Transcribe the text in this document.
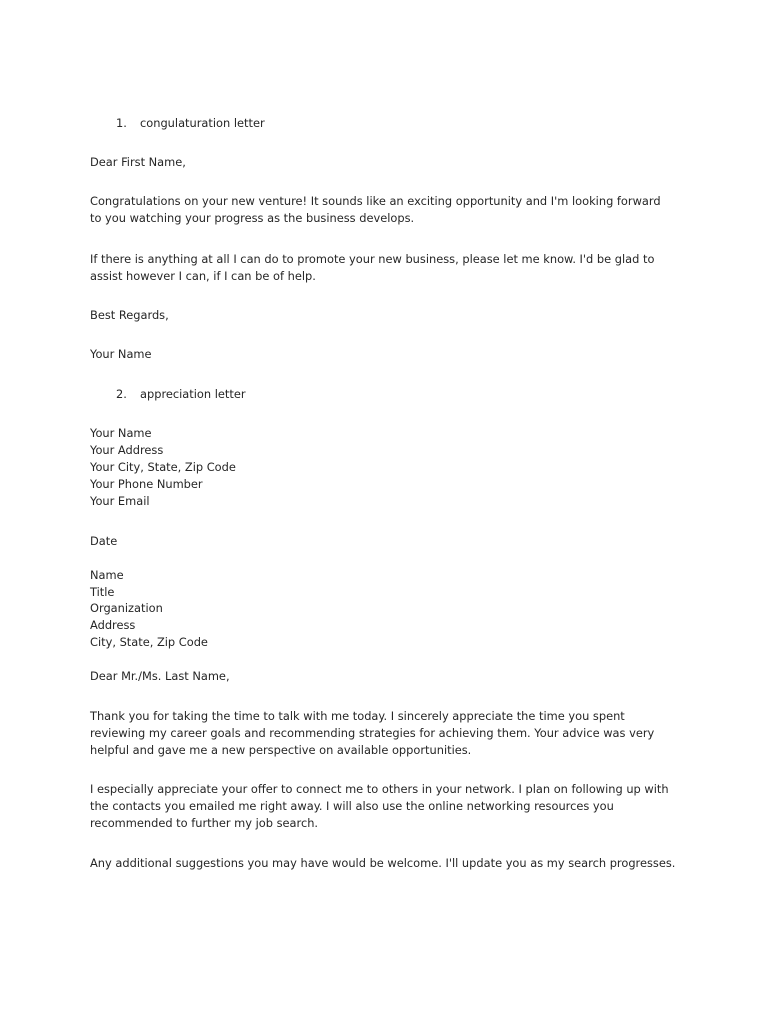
1. congulaturation letter

Dear First Name,

Congratulations on your new venture! It sounds like an exciting opportunity and I'm looking forward

to you watching your progress as the business develops.

If there is anything at all I can do to promote your new business, please let me know. I'd be glad to

assist however I can, if I can be of help.

Best Regards,

Your Name

2. appreciation letter

Your Name

Your Address

Your City, State, Zip Code

Your Phone Number

Your Email

Date

Name

Title

Organization

Address

City, State, Zip Code

Dear Mr./Ms. Last Name,

Thank you for taking the time to talk with me today. I sincerely appreciate the time you spent

reviewing my career goals and recommending strategies for achieving them. Your advice was very

helpful and gave me a new perspective on available opportunities.

I especially appreciate your offer to connect me to others in your network. I plan on following up with

the contacts you emailed me right away. I will also use the online networking resources you

recommended to further my job search.

Any additional suggestions you may have would be welcome. I'll update you as my search progresses.
